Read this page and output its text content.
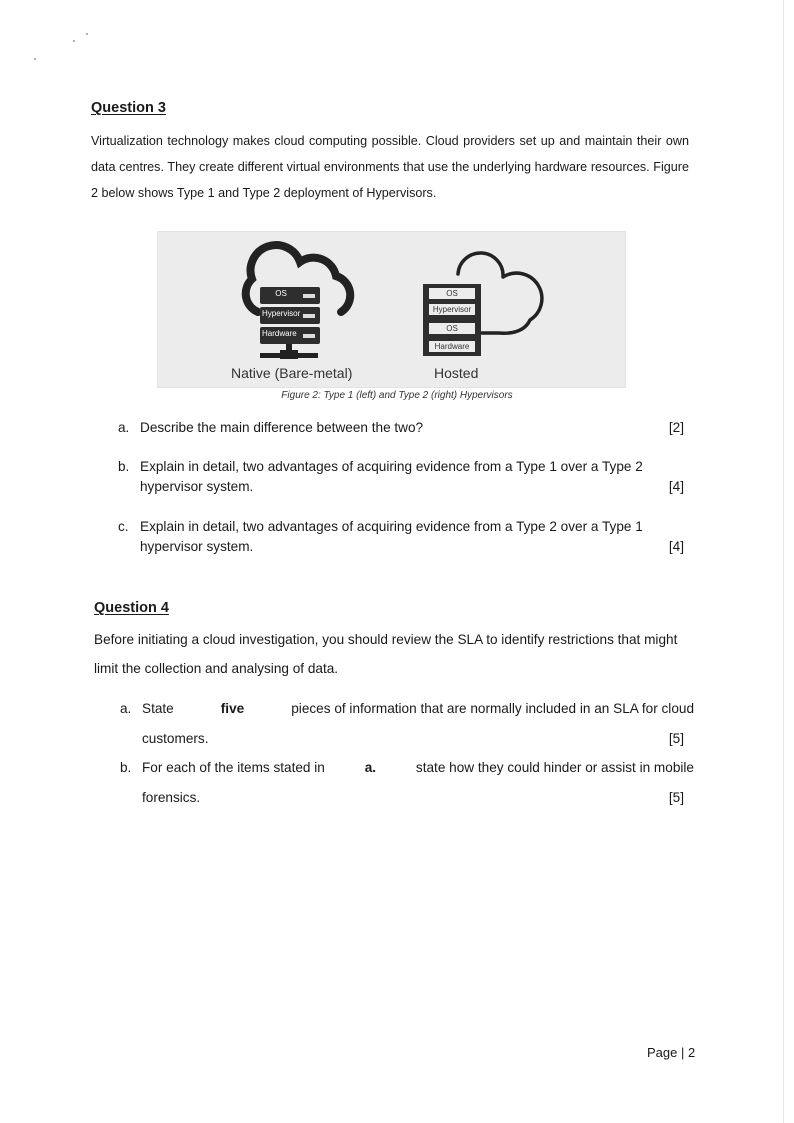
Question 3

Virtualization technology makes cloud computing possible. Cloud providers set up and maintain their own data centres. They create different virtual environments that use the underlying hardware resources. Figure 2 below shows Type 1 and Type 2 deployment of Hypervisors.

OS
Hypervisor
Hardware
OS
Hypervisor
OS
Hardware
Native (Bare-metal)	Hosted
Figure 2: Type 1 (left) and Type 2 (right) Hypervisors
a. Describe the main difference between the two?	[2]
b. Explain in detail, two advantages of acquiring evidence from a Type 1 over a Type 2
hypervisor system.	[4]
c. Explain in detail, two advantages of acquiring evidence from a Type 2 over a Type 1
hypervisor system.	[4]
Question 4

Before initiating a cloud investigation, you should review the SLA to identify restrictions that might limit the collection and analysing of data.

a. State	five	pieces of information that are normally included in an SLA for cloud
customers.	[5]
b. For each of the items stated in	a.	state how they could hinder or assist in mobile
forensics.	[5]
Page | 2
